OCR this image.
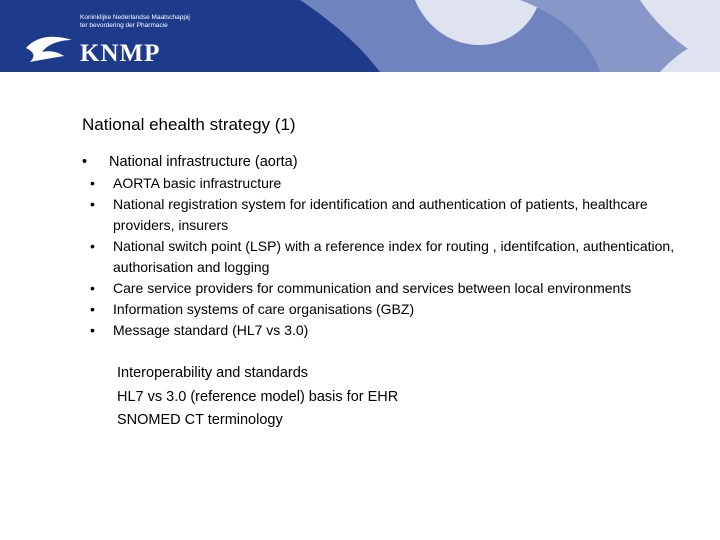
Koninklijke Nederlandse Maatschappij
ter bevordering der Pharmacie
KNMP
National ehealth strategy (1)
• National infrastructure (aorta)
• AORTA basic infrastructure
• National registration system for identification and authentication of patients, healthcare providers, insurers
• National switch point (LSP) with a reference index for routing , identifcation, authentication, authorisation and logging
• Care service providers for communication and services between local environments
• Information systems of care organisations (GBZ)
• Message standard (HL7 vs 3.0)
Interoperability and standards
HL7 vs 3.0 (reference model) basis for EHR
SNOMED CT terminology
